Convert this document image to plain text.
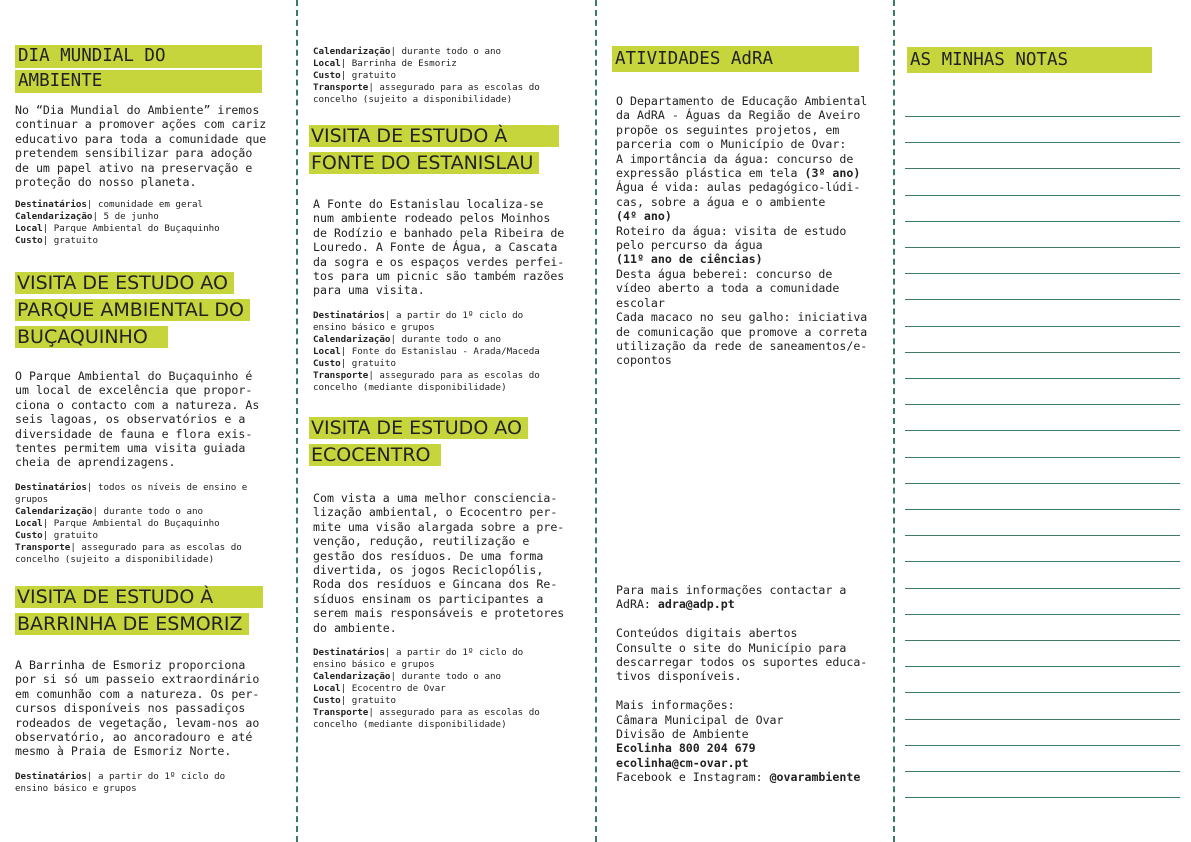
DIA MUNDIAL DO
AMBIENTE
No “Dia Mundial do Ambiente” iremos
continuar a promover ações com cariz
educativo para toda a comunidade que
pretendem sensibilizar para adoção
de um papel ativo na preservação e
proteção do nosso planeta.
Destinatários| comunidade em geral
Calendarização| 5 de junho
Local| Parque Ambiental do Buçaquinho
Custo| gratuito
VISITA DE ESTUDO AO
PARQUE AMBIENTAL DO
BUÇAQUINHO
O Parque Ambiental do Buçaquinho é
um local de excelência que propor-
ciona o contacto com a natureza. As
seis lagoas, os observatórios e a
diversidade de fauna e flora exis-
tentes permitem uma visita guiada
cheia de aprendizagens.
Destinatários| todos os níveis de ensino e
grupos
Calendarização| durante todo o ano
Local| Parque Ambiental do Buçaquinho
Custo| gratuito
Transporte| assegurado para as escolas do
concelho (sujeito a disponibilidade)
VISITA DE ESTUDO À
BARRINHA DE ESMORIZ
A Barrinha de Esmoriz proporciona
por si só um passeio extraordinário
em comunhão com a natureza. Os per-
cursos disponíveis nos passadiços
rodeados de vegetação, levam-nos ao
observatório, ao ancoradouro e até
mesmo à Praia de Esmoriz Norte.
Destinatários| a partir do 1º ciclo do
ensino básico e grupos
Calendarização| durante todo o ano
Local| Barrinha de Esmoriz
Custo| gratuito
Transporte| assegurado para as escolas do
concelho (sujeito a disponibilidade)
VISITA DE ESTUDO À
FONTE DO ESTANISLAU
A Fonte do Estanislau localiza-se
num ambiente rodeado pelos Moinhos
de Rodízio e banhado pela Ribeira de
Louredo. A Fonte de Água, a Cascata
da sogra e os espaços verdes perfei-
tos para um picnic são também razões
para uma visita.
Destinatários| a partir do 1º ciclo do
ensino básico e grupos
Calendarização| durante todo o ano
Local| Fonte do Estanislau - Arada/Maceda
Custo| gratuito
Transporte| assegurado para as escolas do
concelho (mediante disponibilidade)
VISITA DE ESTUDO AO
ECOCENTRO
Com vista a uma melhor consciencia-
lização ambiental, o Ecocentro per-
mite uma visão alargada sobre a pre-
venção, redução, reutilização e
gestão dos resíduos. De uma forma
divertida, os jogos Reciclopólis,
Roda dos resíduos e Gincana dos Re-
síduos ensinam os participantes a
serem mais responsáveis e protetores
do ambiente.
Destinatários| a partir do 1º ciclo do
ensino básico e grupos
Calendarização| durante todo o ano
Local| Ecocentro de Ovar
Custo| gratuito
Transporte| assegurado para as escolas do
concelho (mediante disponibilidade)
ATIVIDADES AdRA
O Departamento de Educação Ambiental
da AdRA - Águas da Região de Aveiro
propõe os seguintes projetos, em
parceria com o Município de Ovar:
A importância da água: concurso de
expressão plástica em tela (3º ano)
Água é vida: aulas pedagógico-lúdi-
cas, sobre a água e o ambiente
(4º ano)
Roteiro da água: visita de estudo
pelo percurso da água
(11º ano de ciências)
Desta água beberei: concurso de
vídeo aberto a toda a comunidade
escolar
Cada macaco no seu galho: iniciativa
de comunicação que promove a correta
utilização da rede de saneamentos/e-
copontos
Para mais informações contactar a
AdRA: adra@adp.pt

Conteúdos digitais abertos
Consulte o site do Município para
descarregar todos os suportes educa-
tivos disponíveis.

Mais informações:
Câmara Municipal de Ovar
Divisão de Ambiente
Ecolinha 800 204 679
ecolinha@cm-ovar.pt
Facebook e Instagram: @ovarambiente
AS MINHAS NOTAS
